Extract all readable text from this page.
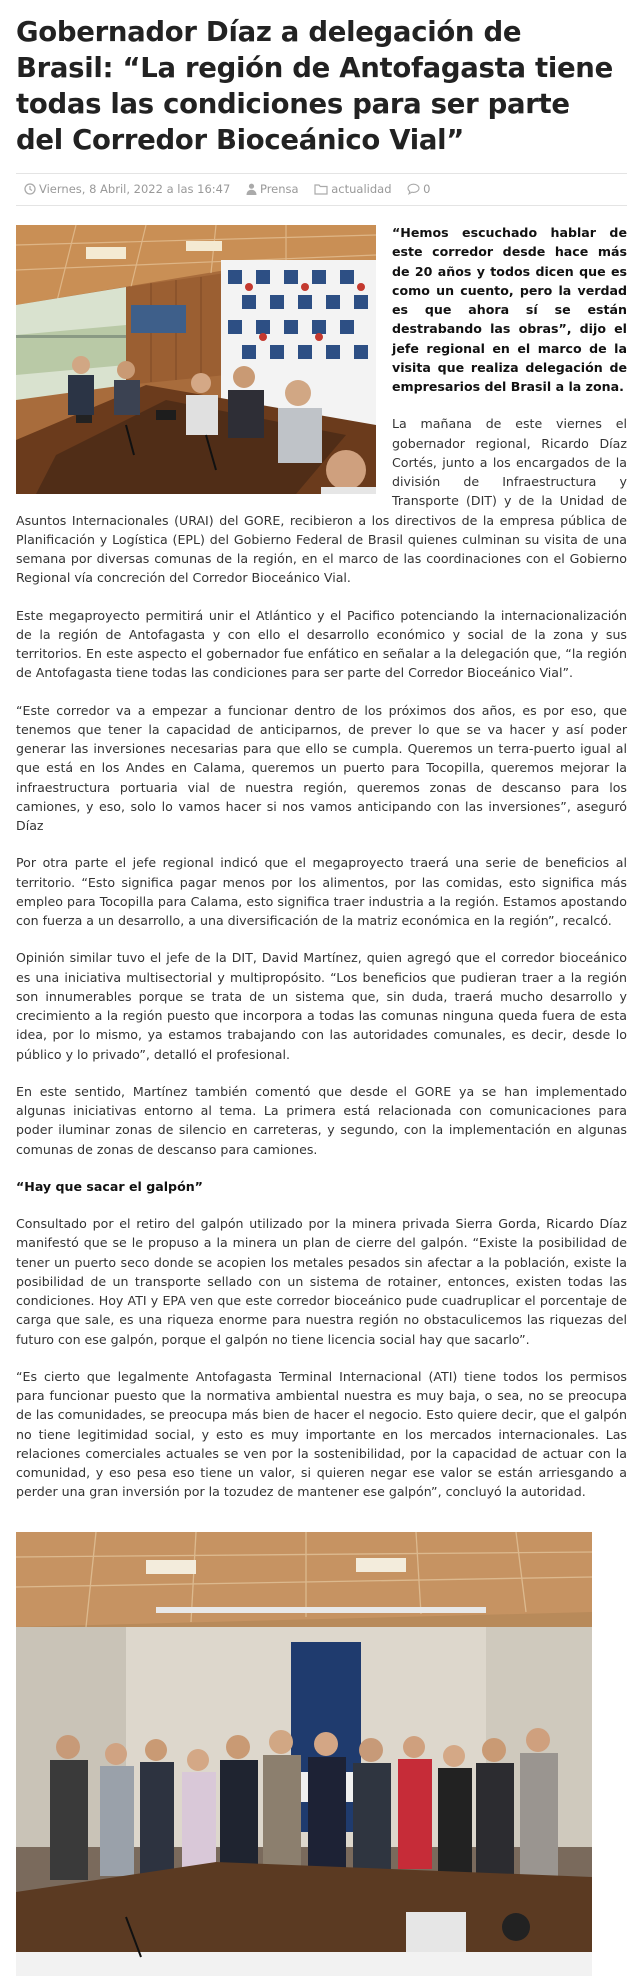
Gobernador Díaz a delegación de Brasil: “La región de Antofagasta tiene todas las condiciones para ser parte del Corredor Bioceánico Vial”
Viernes, 8 Abril, 2022 a las 16:47	Prensa	actualidad	0

“Hemos escuchado hablar de este corredor desde hace más de 20 años y todos dicen que es como un cuento, pero la verdad es que ahora sí se están destrabando las obras”, dijo el jefe regional en el marco de la visita que realiza delegación de empresarios del Brasil a la zona.

La mañana de este viernes el gobernador regional, Ricardo Díaz Cortés, junto a los encargados de la división de Infraestructura y Transporte (DIT) y de la Unidad de Asuntos Internacionales (URAI) del GORE, recibieron a los directivos de la empresa pública de Planificación y Logística (EPL) del Gobierno Federal de Brasil quienes culminan su visita de una semana por diversas comunas de la región, en el marco de las coordinaciones con el Gobierno Regional vía concreción del Corredor Bioceánico Vial.

Este megaproyecto permitirá unir el Atlántico y el Pacifico potenciando la internacionalización de la región de Antofagasta y con ello el desarrollo económico y social de la zona y sus territorios. En este aspecto el gobernador fue enfático en señalar a la delegación que, “la región de Antofagasta tiene todas las condiciones para ser parte del Corredor Bioceánico Vial”.

“Este corredor va a empezar a funcionar dentro de los próximos dos años, es por eso, que tenemos que tener la capacidad de anticiparnos, de prever lo que se va hacer y así poder generar las inversiones necesarias para que ello se cumpla. Queremos un terra-puerto igual al que está en los Andes en Calama, queremos un puerto para Tocopilla, queremos mejorar la infraestructura portuaria vial de nuestra región, queremos zonas de descanso para los camiones, y eso, solo lo vamos hacer si nos vamos anticipando con las inversiones”, aseguró Díaz

Por otra parte el jefe regional indicó que el megaproyecto traerá una serie de beneficios al territorio. “Esto significa pagar menos por los alimentos, por las comidas, esto significa más empleo para Tocopilla para Calama, esto significa traer industria a la región. Estamos apostando con fuerza a un desarrollo, a una diversificación de la matriz económica en la región”, recalcó.

Opinión similar tuvo el jefe de la DIT, David Martínez, quien agregó que el corredor bioceánico es una iniciativa multisectorial y multipropósito. “Los beneficios que pudieran traer a la región son innumerables porque se trata de un sistema que, sin duda, traerá mucho desarrollo y crecimiento a la región puesto que incorpora a todas las comunas ninguna queda fuera de esta idea, por lo mismo, ya estamos trabajando con las autoridades comunales, es decir, desde lo público y lo privado”, detalló el profesional.

En este sentido, Martínez también comentó que desde el GORE ya se han implementado algunas iniciativas entorno al tema. La primera está relacionada con comunicaciones para poder iluminar zonas de silencio en carreteras, y segundo, con la implementación en algunas comunas de zonas de descanso para camiones.

“Hay que sacar el galpón”

Consultado por el retiro del galpón utilizado por la minera privada Sierra Gorda, Ricardo Díaz manifestó que se le propuso a la minera un plan de cierre del galpón. “Existe la posibilidad de tener un puerto seco donde se acopien los metales pesados sin afectar a la población, existe la posibilidad de un transporte sellado con un sistema de rotainer, entonces, existen todas las condiciones. Hoy ATI y EPA ven que este corredor bioceánico pude cuadruplicar el porcentaje de carga que sale, es una riqueza enorme para nuestra región no obstaculicemos las riquezas del futuro con ese galpón, porque el galpón no tiene licencia social hay que sacarlo”.

“Es cierto que legalmente Antofagasta Terminal Internacional (ATI) tiene todos los permisos para funcionar puesto que la normativa ambiental nuestra es muy baja, o sea, no se preocupa de las comunidades, se preocupa más bien de hacer el negocio. Esto quiere decir, que el galpón no tiene legitimidad social, y esto es muy importante en los mercados internacionales. Las relaciones comerciales actuales se ven por la sostenibilidad, por la capacidad de actuar con la comunidad, y eso pesa eso tiene un valor, si quieren negar ese valor se están arriesgando a perder una gran inversión por la tozudez de mantener ese galpón”, concluyó la autoridad.
